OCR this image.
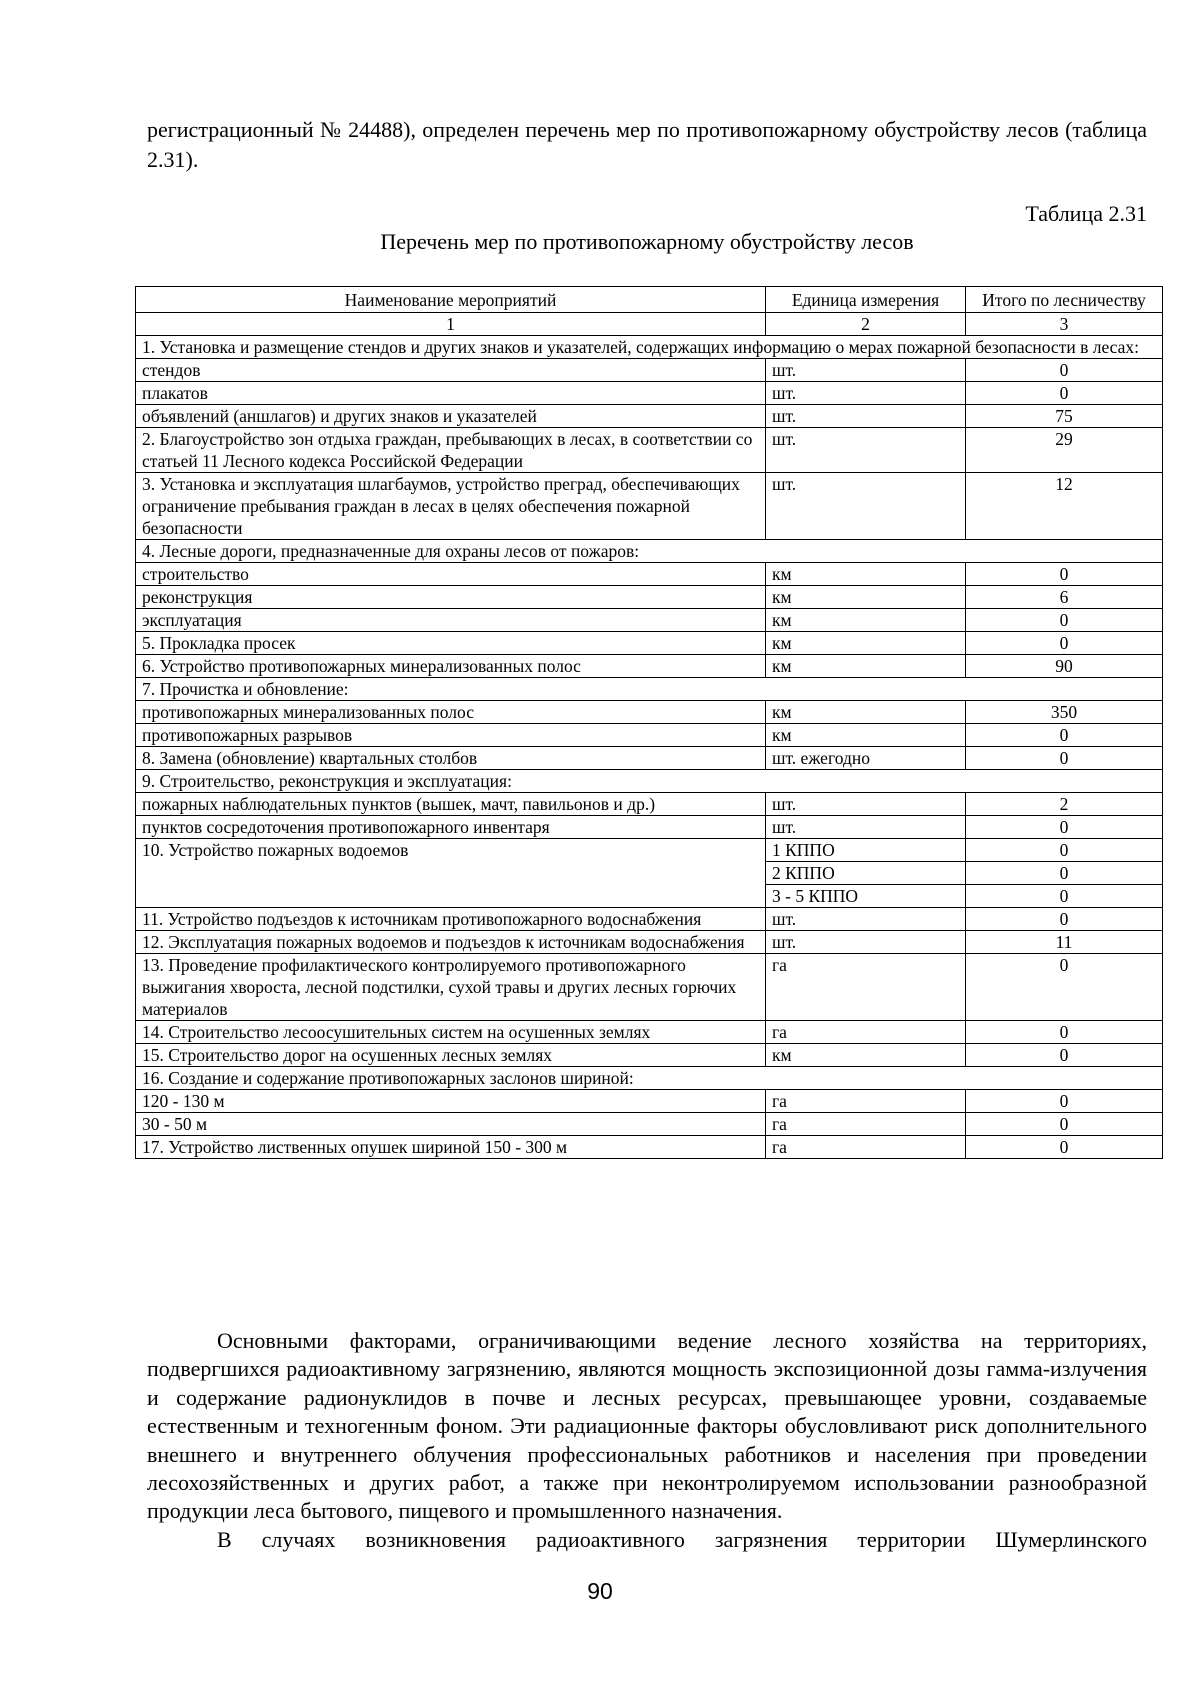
регистрационный № 24488), определен перечень мер по противопожарному обустройству лесов (таблица 2.31).

Таблица 2.31
Перечень мер по противопожарному обустройству лесов
Наименование мероприятий	Единица измерения	Итого по лесничеству
1	2	3
1. Установка и размещение стендов и других знаков и указателей, содержащих информацию о мерах пожарной безопасности в лесах:		
стендов	шт.	0
плакатов	шт.	0
объявлений (аншлагов) и других знаков и указателей	шт.	75
2. Благоустройство зон отдыха граждан, пребывающих в лесах, в соответствии со статьей 11 Лесного кодекса Российской Федерации	шт.	29
3. Установка и эксплуатация шлагбаумов, устройство преград, обеспечивающих ограничение пребывания граждан в лесах в целях обеспечения пожарной безопасности	шт.	12
4. Лесные дороги, предназначенные для охраны лесов от пожаров:		
строительство	км	0
реконструкция	км	6
эксплуатация	км	0
5. Прокладка просек	км	0
6. Устройство противопожарных минерализованных полос	км	90
7. Прочистка и обновление:		
противопожарных минерализованных полос	км	350
противопожарных разрывов	км	0
8. Замена (обновление) квартальных столбов	шт. ежегодно	0
9. Строительство, реконструкция и эксплуатация:		
пожарных наблюдательных пунктов (вышек, мачт, павильонов и др.)	шт.	2
пунктов сосредоточения противопожарного инвентаря	шт.	0
10. Устройство пожарных водоемов	1 КППО	0
	2 КППО	0
	3 - 5 КППО	0
11. Устройство подъездов к источникам противопожарного водоснабжения	шт.	0
12. Эксплуатация пожарных водоемов и подъездов к источникам водоснабжения	шт.	11
13. Проведение профилактического контролируемого противопожарного выжигания хвороста, лесной подстилки, сухой травы и других лесных горючих материалов	га	0
14. Строительство лесоосушительных систем на осушенных землях	га	0
15. Строительство дорог на осушенных лесных землях	км	0
16. Создание и содержание противопожарных заслонов шириной:		
120 - 130 м	га	0
30 - 50 м	га	0
17. Устройство лиственных опушек шириной 150 - 300 м	га	0

Основными факторами, ограничивающими ведение лесного хозяйства на территориях, подвергшихся радиоактивному загрязнению, являются мощность экспозиционной дозы гамма-излучения и содержание радионуклидов в почве и лесных ресурсах, превышающее уровни, создаваемые естественным и техногенным фоном. Эти радиационные факторы обусловливают риск дополнительного внешнего и внутреннего облучения профессиональных работников и населения при проведении лесохозяйственных и других работ, а также при неконтролируемом использовании разнообразной продукции леса бытового, пищевого и промышленного назначения.

В случаях возникновения радиоактивного загрязнения территории Шумерлинского

90
